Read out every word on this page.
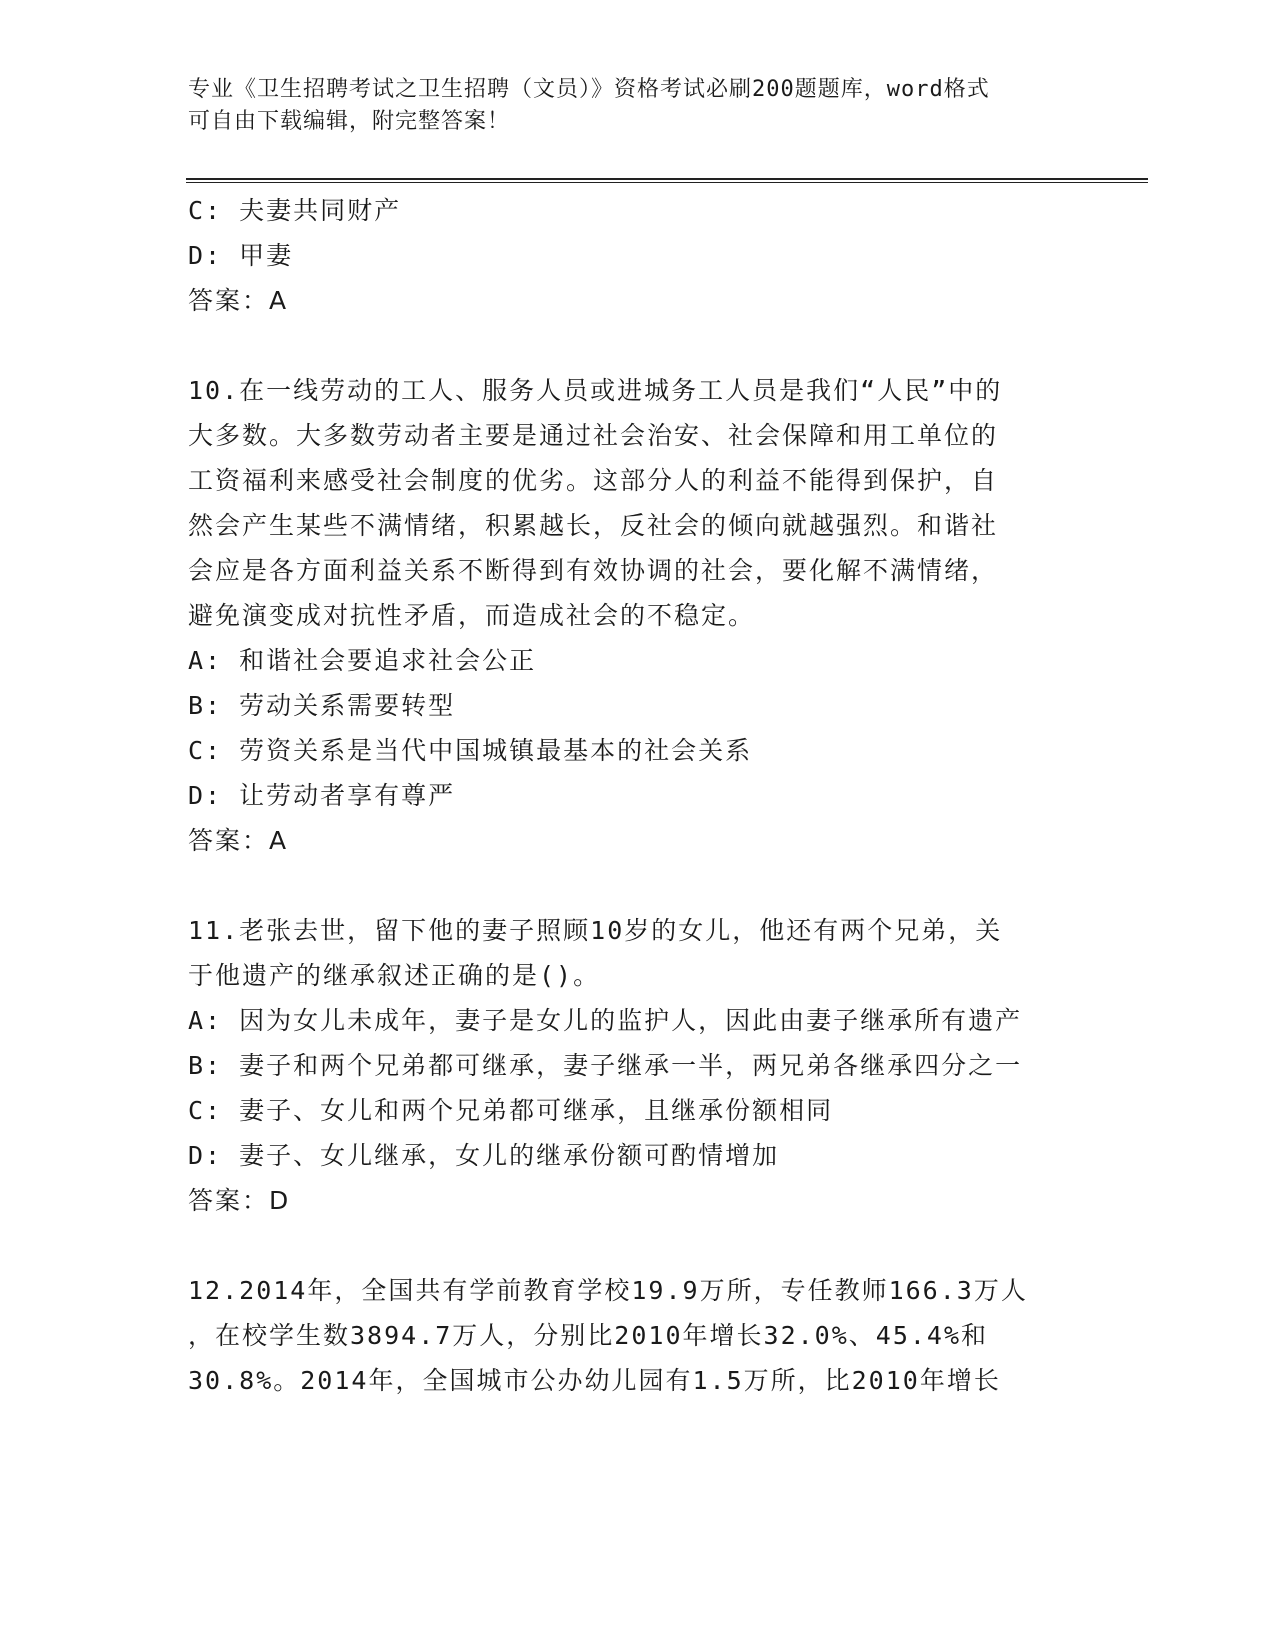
专业《卫生招聘考试之卫生招聘（文员）》资格考试必刷200题题库，word格式
可自由下载编辑，附完整答案！
C: 夫妻共同财产
D: 甲妻
答案：A
10.在一线劳动的工人、服务人员或进城务工人员是我们“人民”中的
大多数。大多数劳动者主要是通过社会治安、社会保障和用工单位的
工资福利来感受社会制度的优劣。这部分人的利益不能得到保护，自
然会产生某些不满情绪，积累越长，反社会的倾向就越强烈。和谐社
会应是各方面利益关系不断得到有效协调的社会，要化解不满情绪，
避免演变成对抗性矛盾，而造成社会的不稳定。
A: 和谐社会要追求社会公正
B: 劳动关系需要转型
C: 劳资关系是当代中国城镇最基本的社会关系
D: 让劳动者享有尊严
答案：A
11.老张去世，留下他的妻子照顾10岁的女儿，他还有两个兄弟，关
于他遗产的继承叙述正确的是()。
A: 因为女儿未成年，妻子是女儿的监护人，因此由妻子继承所有遗产
B: 妻子和两个兄弟都可继承，妻子继承一半，两兄弟各继承四分之一
C: 妻子、女儿和两个兄弟都可继承，且继承份额相同
D: 妻子、女儿继承，女儿的继承份额可酌情增加
答案：D
12.2014年，全国共有学前教育学校19.9万所，专任教师166.3万人
，在校学生数3894.7万人，分别比2010年增长32.0%、45.4%和
30.8%。2014年，全国城市公办幼儿园有1.5万所，比2010年增长
